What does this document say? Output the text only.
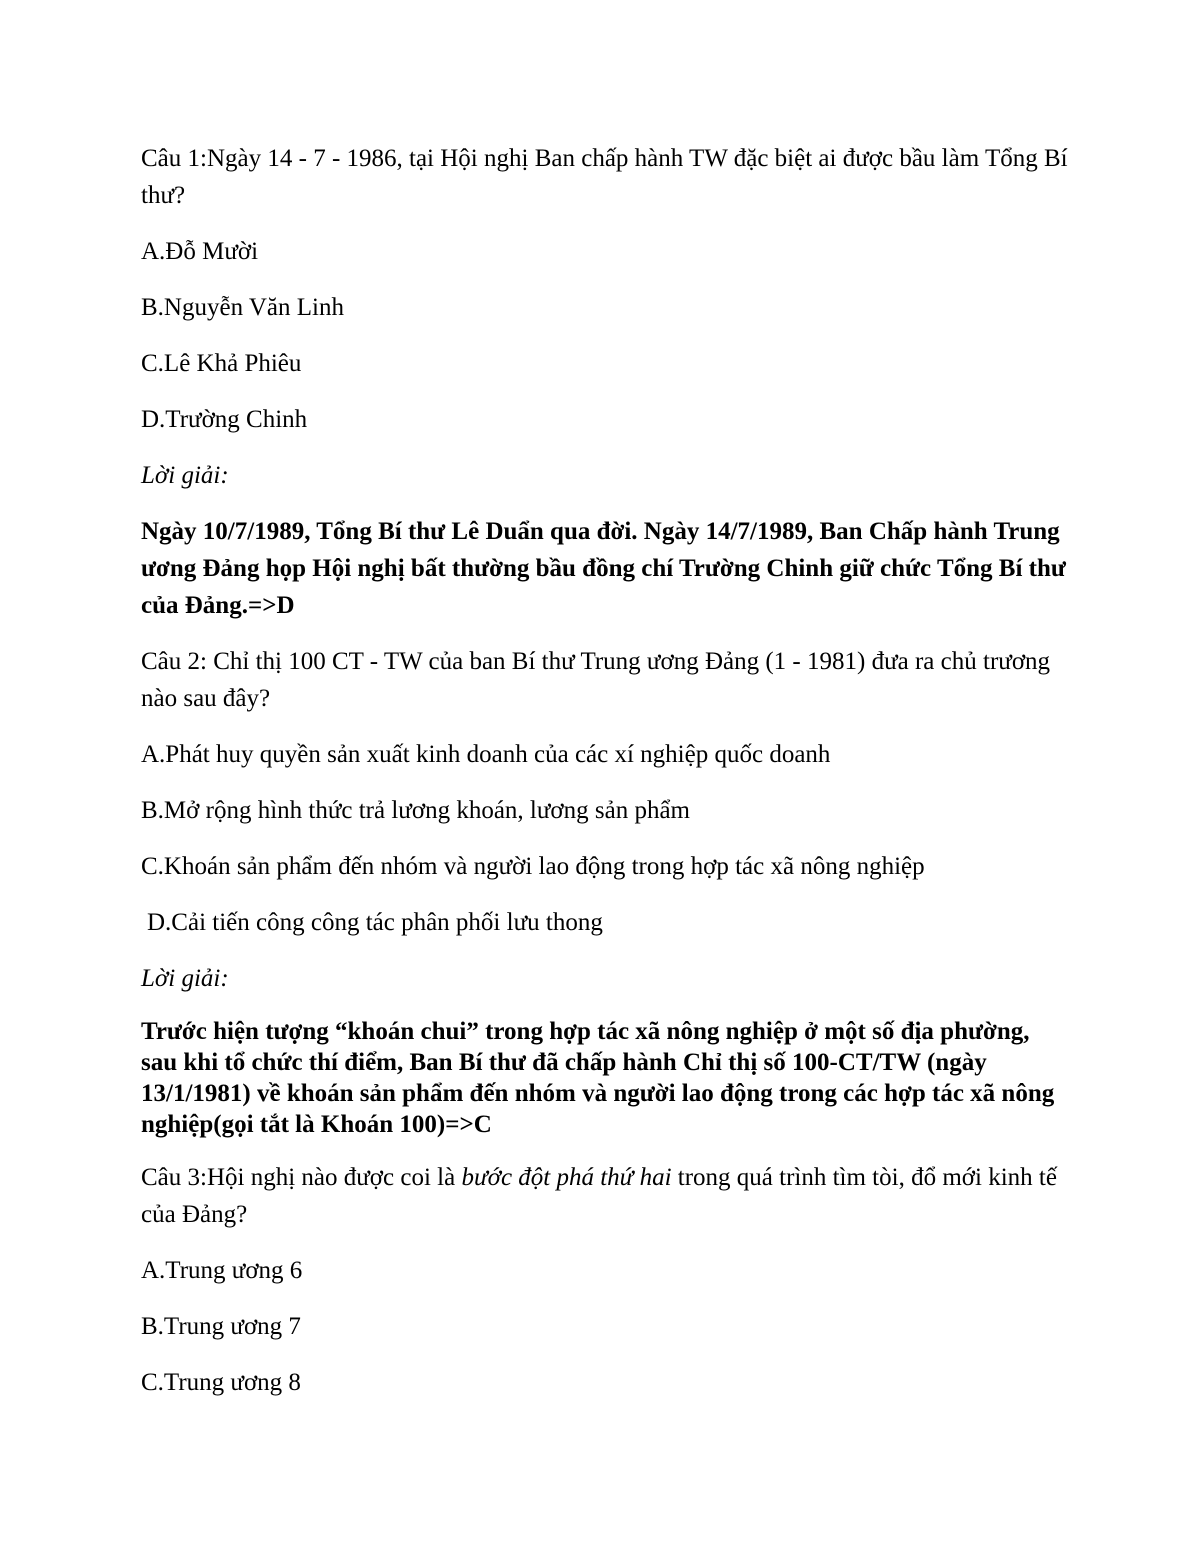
Câu 1:Ngày 14 - 7 - 1986, tại Hội nghị Ban chấp hành TW đặc biệt ai được bầu làm Tổng Bí thư?

A.Đỗ Mười

B.Nguyễn Văn Linh

C.Lê Khả Phiêu

D.Trường Chinh

Lời giải:

Ngày 10/7/1989, Tổng Bí thư Lê Duẩn qua đời. Ngày 14/7/1989, Ban Chấp hành Trung ương Đảng họp Hội nghị bất thường bầu đồng chí Trường Chinh giữ chức Tổng Bí thư của Đảng.=>D

Câu 2: Chỉ thị 100 CT - TW của ban Bí thư Trung ương Đảng (1 - 1981) đưa ra chủ trương nào sau đây?

A.Phát huy quyền sản xuất kinh doanh của các xí nghiệp quốc doanh

B.Mở rộng hình thức trả lương khoán, lương sản phẩm

C.Khoán sản phẩm đến nhóm và người lao động trong hợp tác xã nông nghiệp

D.Cải tiến công công tác phân phối lưu thong

Lời giải:

Trước hiện tượng “khoán chui” trong hợp tác xã nông nghiệp ở một số địa phường, sau khi tổ chức thí điểm, Ban Bí thư đã chấp hành Chỉ thị số 100-CT/TW (ngày 13/1/1981) về khoán sản phẩm đến nhóm và người lao động trong các hợp tác xã nông nghiệp(gọi tắt là Khoán 100)=>C

Câu 3:Hội nghị nào được coi là bước đột phá thứ hai trong quá trình tìm tòi, đổ mới kinh tế của Đảng?

A.Trung ương 6

B.Trung ương 7

C.Trung ương 8
